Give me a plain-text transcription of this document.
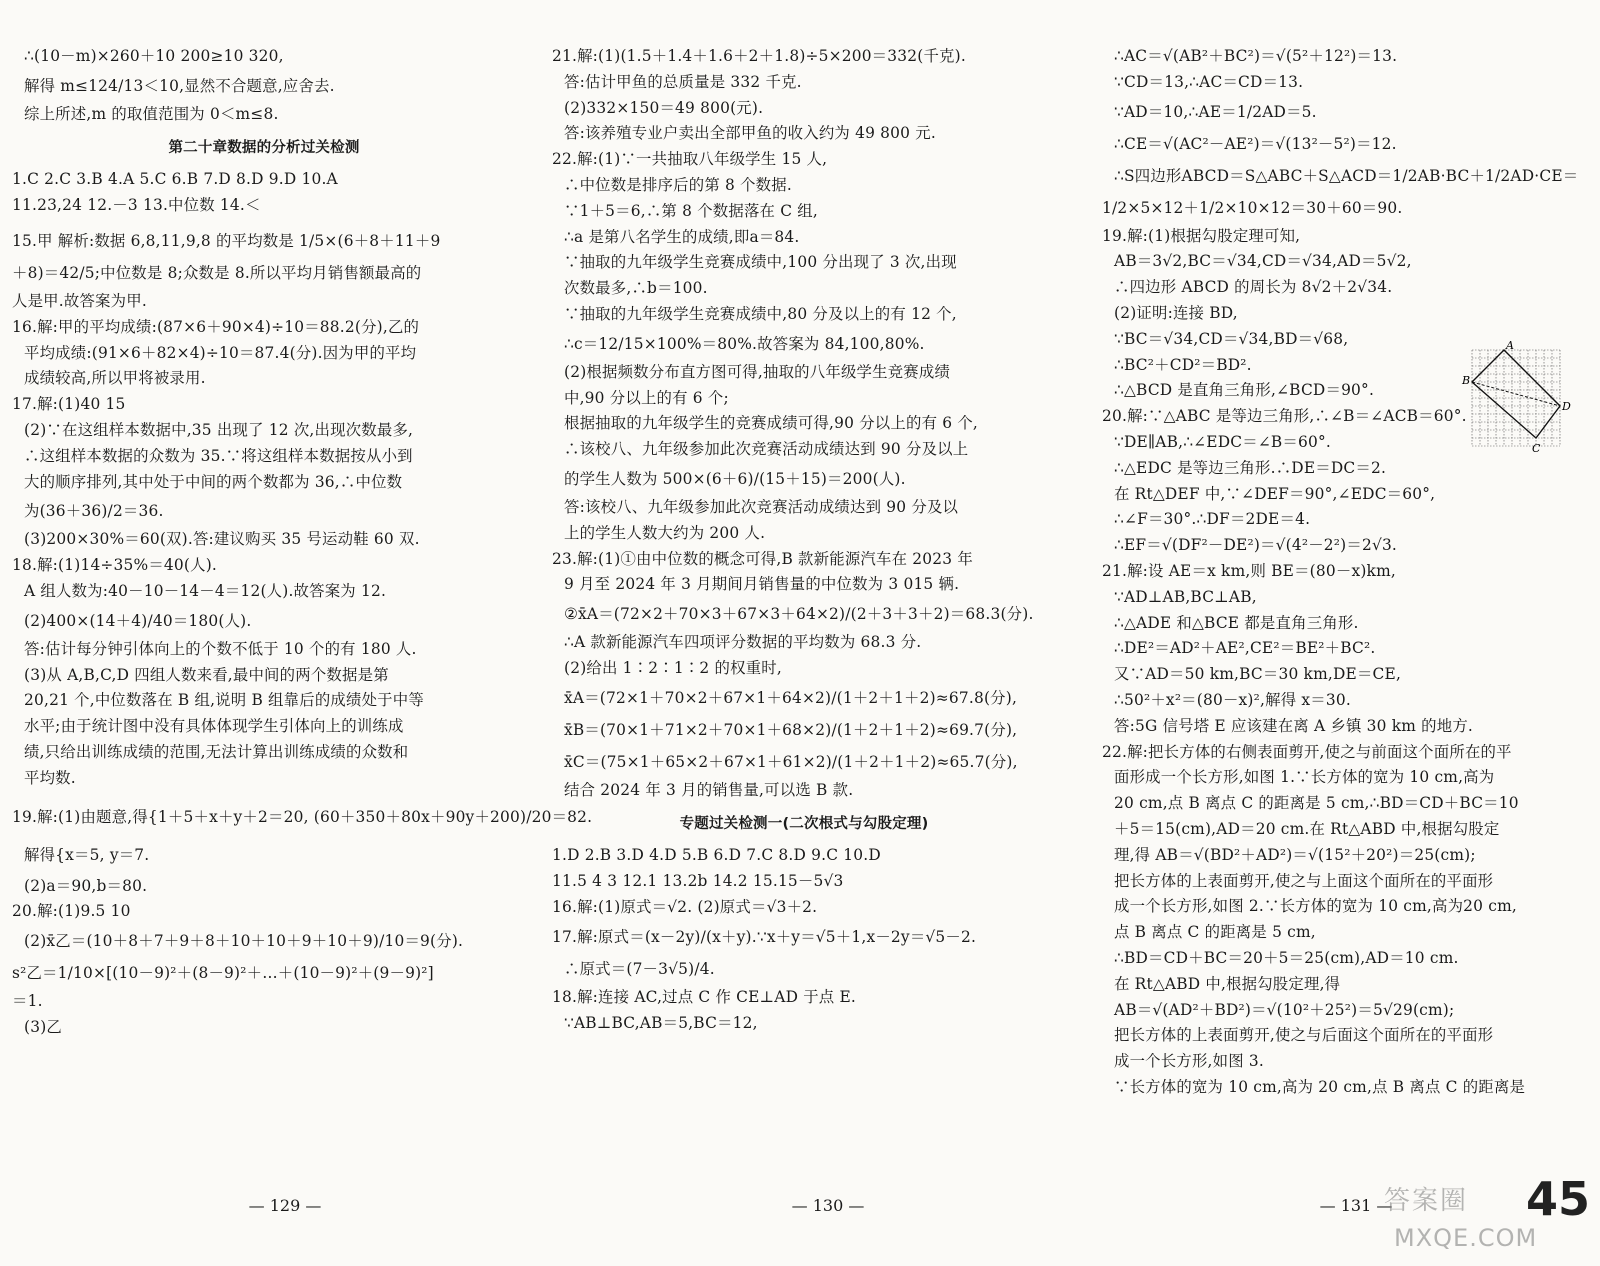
∴(10－m)×260＋10 200≥10 320,

解得 m≤124/13＜10,显然不合题意,应舍去.

综上所述,m 的取值范围为 0＜m≤8.

第二十章数据的分析过关检测

1.C 2.C 3.B 4.A 5.C 6.B 7.D 8.D 9.D 10.A

11.23,24 12.－3 13.中位数 14.＜

15.甲 解析:数据 6,8,11,9,8 的平均数是 1/5×(6＋8＋11＋9

＋8)＝42/5;中位数是 8;众数是 8.所以平均月销售额最高的

人是甲.故答案为甲.

16.解:甲的平均成绩:(87×6＋90×4)÷10＝88.2(分),乙的

平均成绩:(91×6＋82×4)÷10＝87.4(分).因为甲的平均

成绩较高,所以甲将被录用.

17.解:(1)40 15

(2)∵在这组样本数据中,35 出现了 12 次,出现次数最多,

∴这组样本数据的众数为 35.∵将这组样本数据按从小到

大的顺序排列,其中处于中间的两个数都为 36,∴中位数

为(36＋36)/2＝36.

(3)200×30%＝60(双).答:建议购买 35 号运动鞋 60 双.

18.解:(1)14÷35%＝40(人).

A 组人数为:40－10－14－4＝12(人).故答案为 12.

(2)400×(14＋4)/40＝180(人).

答:估计每分钟引体向上的个数不低于 10 个的有 180 人.

(3)从 A,B,C,D 四组人数来看,最中间的两个数据是第

20,21 个,中位数落在 B 组,说明 B 组靠后的成绩处于中等

水平;由于统计图中没有具体体现学生引体向上的训练成

绩,只给出训练成绩的范围,无法计算出训练成绩的众数和

平均数.

19.解:(1)由题意,得{1＋5＋x＋y＋2＝20, (60＋350＋80x＋90y＋200)/20＝82.

解得{x＝5, y＝7.

(2)a＝90,b＝80.

20.解:(1)9.5 10

(2)x̄乙＝(10＋8＋7＋9＋8＋10＋10＋9＋10＋9)/10＝9(分).

s²乙＝1/10×[(10－9)²＋(8－9)²＋…＋(10－9)²＋(9－9)²]

＝1.

(3)乙

21.解:(1)(1.5＋1.4＋1.6＋2＋1.8)÷5×200＝332(千克).

答:估计甲鱼的总质量是 332 千克.

(2)332×150＝49 800(元).

答:该养殖专业户卖出全部甲鱼的收入约为 49 800 元.

22.解:(1)∵一共抽取八年级学生 15 人,

∴中位数是排序后的第 8 个数据.

∵1＋5＝6,∴第 8 个数据落在 C 组,

∴a 是第八名学生的成绩,即a＝84.

∵抽取的九年级学生竞赛成绩中,100 分出现了 3 次,出现

次数最多,∴b＝100.

∵抽取的九年级学生竞赛成绩中,80 分及以上的有 12 个,

∴c＝12/15×100%＝80%.故答案为 84,100,80%.

(2)根据频数分布直方图可得,抽取的八年级学生竞赛成绩

中,90 分以上的有 6 个;

根据抽取的九年级学生的竞赛成绩可得,90 分以上的有 6 个,

∴该校八、九年级参加此次竞赛活动成绩达到 90 分及以上

的学生人数为 500×(6＋6)/(15＋15)＝200(人).

答:该校八、九年级参加此次竞赛活动成绩达到 90 分及以

上的学生人数大约为 200 人.

23.解:(1)①由中位数的概念可得,B 款新能源汽车在 2023 年

9 月至 2024 年 3 月期间月销售量的中位数为 3 015 辆.

②x̄A＝(72×2＋70×3＋67×3＋64×2)/(2＋3＋3＋2)＝68.3(分).

∴A 款新能源汽车四项评分数据的平均数为 68.3 分.

(2)给出 1∶2∶1∶2 的权重时,

x̄A＝(72×1＋70×2＋67×1＋64×2)/(1＋2＋1＋2)≈67.8(分),

x̄B＝(70×1＋71×2＋70×1＋68×2)/(1＋2＋1＋2)≈69.7(分),

x̄C＝(75×1＋65×2＋67×1＋61×2)/(1＋2＋1＋2)≈65.7(分),

结合 2024 年 3 月的销售量,可以选 B 款.

专题过关检测一(二次根式与勾股定理)

1.D 2.B 3.D 4.D 5.B 6.D 7.C 8.D 9.C 10.D

11.5 4 3 12.1 13.2b 14.2 15.15－5√3

16.解:(1)原式＝√2. (2)原式＝√3＋2.

17.解:原式＝(x－2y)/(x＋y).∵x＋y＝√5＋1,x－2y＝√5－2.

∴原式＝(7－3√5)/4.

18.解:连接 AC,过点 C 作 CE⊥AD 于点 E.

∵AB⊥BC,AB＝5,BC＝12,

∴AC＝√(AB²＋BC²)＝√(5²＋12²)＝13.

∵CD＝13,∴AC＝CD＝13.

∵AD＝10,∴AE＝1/2AD＝5.

∴CE＝√(AC²－AE²)＝√(13²－5²)＝12.

∴S四边形ABCD＝S△ABC＋S△ACD＝1/2AB·BC＋1/2AD·CE＝

1/2×5×12＋1/2×10×12＝30＋60＝90.

19.解:(1)根据勾股定理可知,

AB＝3√2,BC＝√34,CD＝√34,AD＝5√2,

∴四边形 ABCD 的周长为 8√2＋2√34.

(2)证明:连接 BD,

∵BC＝√34,CD＝√34,BD＝√68,

∴BC²＋CD²＝BD².

∴△BCD 是直角三角形,∠BCD＝90°.

20.解:∵△ABC 是等边三角形,∴∠B＝∠ACB＝60°.

∵DE∥AB,∴∠EDC＝∠B＝60°.

∴△EDC 是等边三角形.∴DE＝DC＝2.

在 Rt△DEF 中,∵∠DEF＝90°,∠EDC＝60°,

∴∠F＝30°.∴DF＝2DE＝4.

∴EF＝√(DF²－DE²)＝√(4²－2²)＝2√3.

21.解:设 AE＝x km,则 BE＝(80－x)km,

∵AD⊥AB,BC⊥AB,

∴△ADE 和△BCE 都是直角三角形.

∴DE²＝AD²＋AE²,CE²＝BE²＋BC².

又∵AD＝50 km,BC＝30 km,DE＝CE,

∴50²＋x²＝(80－x)²,解得 x＝30.

答:5G 信号塔 E 应该建在离 A 乡镇 30 km 的地方.

22.解:把长方体的右侧表面剪开,使之与前面这个面所在的平

面形成一个长方形,如图 1.∵长方体的宽为 10 cm,高为

20 cm,点 B 离点 C 的距离是 5 cm,∴BD＝CD＋BC＝10

＋5＝15(cm),AD＝20 cm.在 Rt△ABD 中,根据勾股定

理,得 AB＝√(BD²＋AD²)＝√(15²＋20²)＝25(cm);

把长方体的上表面剪开,使之与上面这个面所在的平面形

成一个长方形,如图 2.∵长方体的宽为 10 cm,高为20 cm,

点 B 离点 C 的距离是 5 cm,

∴BD＝CD＋BC＝20＋5＝25(cm),AD＝10 cm.

在 Rt△ABD 中,根据勾股定理,得

AB＝√(AD²＋BD²)＝√(10²＋25²)＝5√29(cm);

把长方体的上表面剪开,使之与后面这个面所在的平面形

成一个长方形,如图 3.

∵长方体的宽为 10 cm,高为 20 cm,点 B 离点 C 的距离是

A
B
C
D
— 129 —	— 130 —	— 131 —
答案圈 45
MXQE.COM
